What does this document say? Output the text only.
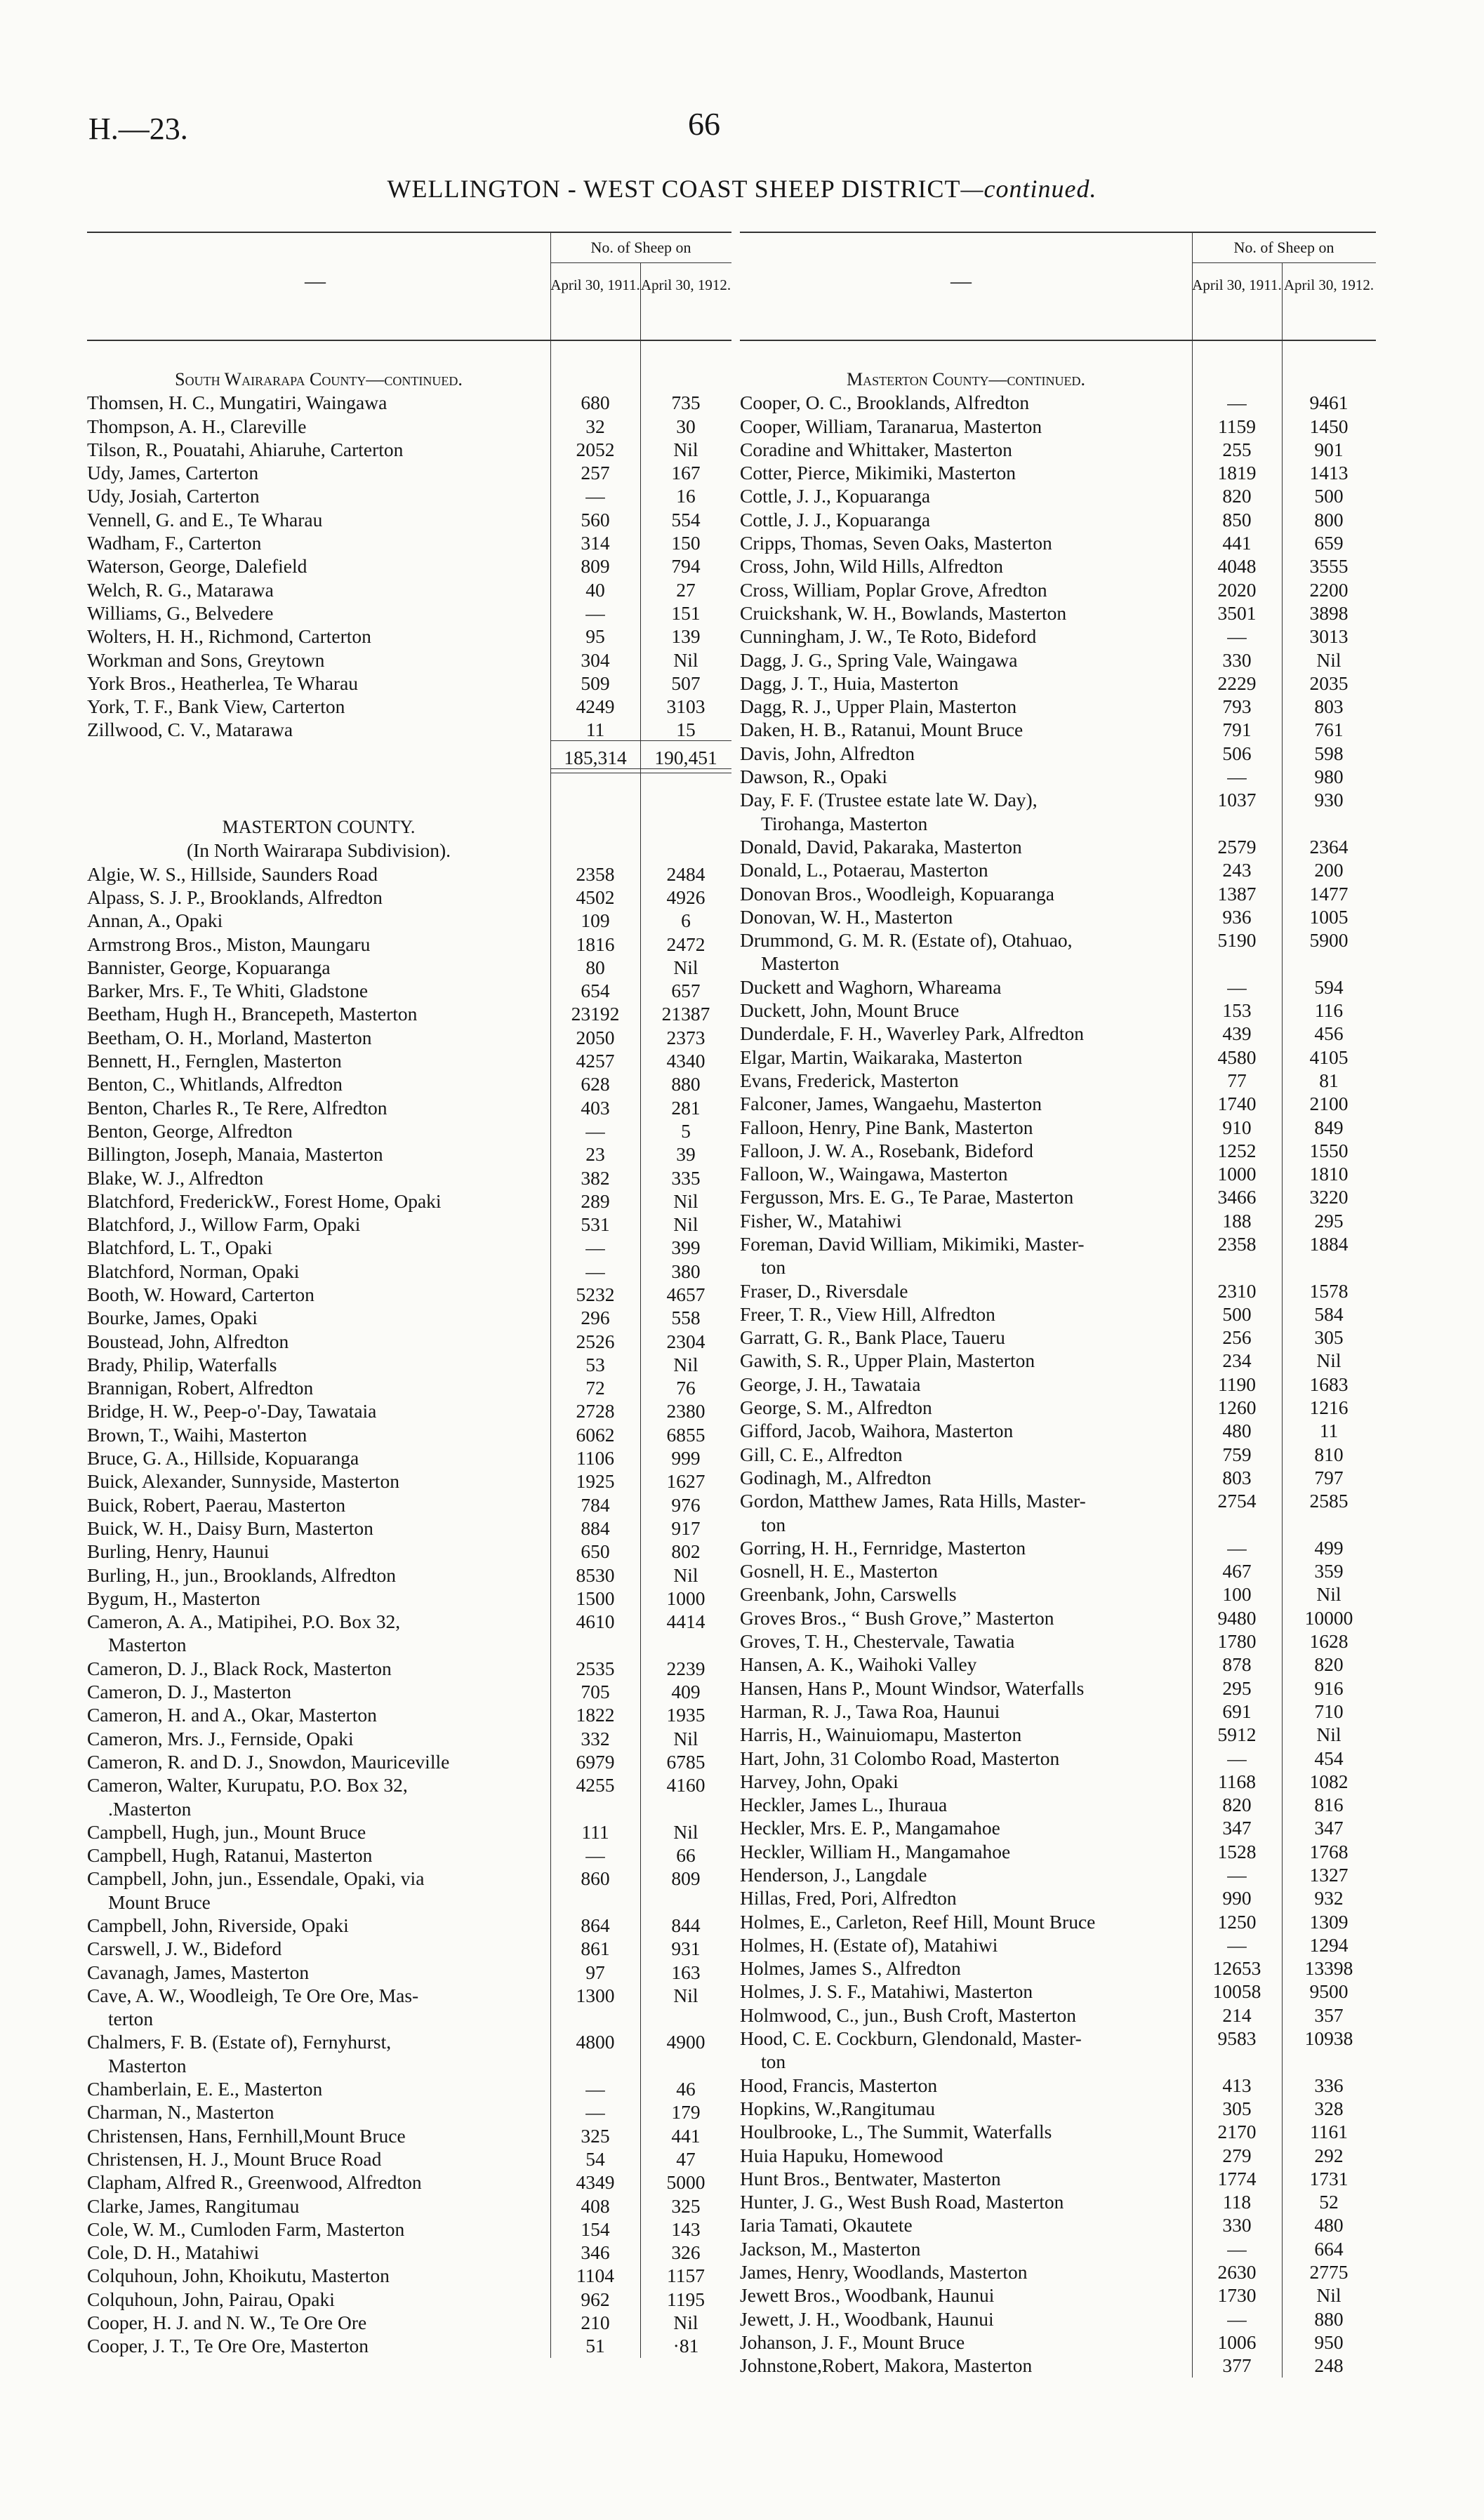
H.—23.	66
WELLINGTON - WEST COAST SHEEP DISTRICT—continued.
—
No. of Sheep on
April 30, 1911. April 30, 1912.
South Wairarapa County—continued.
Thomsen, H. C., Mungatiri, Waingawa	680	735
Thompson, A. H., Clareville	32	30
Tilson, R., Pouatahi, Ahiaruhe, Carterton	2052	Nil
Udy, James, Carterton	257	167
Udy, Josiah, Carterton	—	16
Vennell, G. and E., Te Wharau	560	554
Wadham, F., Carterton	314	150
Waterson, George, Dalefield	809	794
Welch, R. G., Matarawa	40	27
Williams, G., Belvedere	—	151
Wolters, H. H., Richmond, Carterton	95	139
Workman and Sons, Greytown	304	Nil
York Bros., Heatherlea, Te Wharau	509	507
York, T. F., Bank View, Carterton	4249	3103
Zillwood, C. V., Matarawa	11	15
185,314	190,451
MASTERTON COUNTY.
(In North Wairarapa Subdivision).
Algie, W. S., Hillside, Saunders Road	2358	2484
Alpass, S. J. P., Brooklands, Alfredton	4502	4926
Annan, A., Opaki	109	6
Armstrong Bros., Miston, Maungaru	1816	2472
Bannister, George, Kopuaranga	80	Nil
Barker, Mrs. F., Te Whiti, Gladstone	654	657
Beetham, Hugh H., Brancepeth, Masterton	23192	21387
Beetham, O. H., Morland, Masterton	2050	2373
Bennett, H., Fernglen, Masterton	4257	4340
Benton, C., Whitlands, Alfredton	628	880
Benton, Charles R., Te Rere, Alfredton	403	281
Benton, George, Alfredton	—	5
Billington, Joseph, Manaia, Masterton	23	39
Blake, W. J., Alfredton	382	335
Blatchford, FrederickW., Forest Home, Opaki	289	Nil
Blatchford, J., Willow Farm, Opaki	531	Nil
Blatchford, L. T., Opaki	—	399
Blatchford, Norman, Opaki	—	380
Booth, W. Howard, Carterton	5232	4657
Bourke, James, Opaki	296	558
Boustead, John, Alfredton	2526	2304
Brady, Philip, Waterfalls	53	Nil
Brannigan, Robert, Alfredton	72	76
Bridge, H. W., Peep-o'-Day, Tawataia	2728	2380
Brown, T., Waihi, Masterton	6062	6855
Bruce, G. A., Hillside, Kopuaranga	1106	999
Buick, Alexander, Sunnyside, Masterton	1925	1627
Buick, Robert, Paerau, Masterton	784	976
Buick, W. H., Daisy Burn, Masterton	884	917
Burling, Henry, Haunui	650	802
Burling, H., jun., Brooklands, Alfredton	8530	Nil
Bygum, H., Masterton	1500	1000
Cameron, A. A., Matipihei, P.O. Box 32,	4610	4414
Masterton
Cameron, D. J., Black Rock, Masterton	2535	2239
Cameron, D. J., Masterton	705	409
Cameron, H. and A., Okar, Masterton	1822	1935
Cameron, Mrs. J., Fernside, Opaki	332	Nil
Cameron, R. and D. J., Snowdon, Mauriceville	6979	6785
Cameron, Walter, Kurupatu, P.O. Box 32,	4255	4160
.Masterton
Campbell, Hugh, jun., Mount Bruce	111	Nil
Campbell, Hugh, Ratanui, Masterton	—	66
Campbell, John, jun., Essendale, Opaki, via	860	809
Mount Bruce
Campbell, John, Riverside, Opaki	864	844
Carswell, J. W., Bideford	861	931
Cavanagh, James, Masterton	97	163
Cave, A. W., Woodleigh, Te Ore Ore, Mas-	1300	Nil
terton
Chalmers, F. B. (Estate of), Fernyhurst,	4800	4900
Masterton
Chamberlain, E. E., Masterton	—	46
Charman, N., Masterton	—	179
Christensen, Hans, Fernhill,Mount Bruce	325	441
Christensen, H. J., Mount Bruce Road	54	47
Clapham, Alfred R., Greenwood, Alfredton	4349	5000
Clarke, James, Rangitumau	408	325
Cole, W. M., Cumloden Farm, Masterton	154	143
Cole, D. H., Matahiwi	346	326
Colquhoun, John, Khoikutu, Masterton	1104	1157
Colquhoun, John, Pairau, Opaki	962	1195
Cooper, H. J. and N. W., Te Ore Ore	210	Nil
Cooper, J. T., Te Ore Ore, Masterton	51	·81
—
No. of Sheep on
April 30, 1911. April 30, 1912.
Masterton County—continued.
Cooper, O. C., Brooklands, Alfredton	—	9461
Cooper, William, Taranarua, Masterton	1159	1450
Coradine and Whittaker, Masterton	255	901
Cotter, Pierce, Mikimiki, Masterton	1819	1413
Cottle, J. J., Kopuaranga	820	500
Cottle, J. J., Kopuaranga	850	800
Cripps, Thomas, Seven Oaks, Masterton	441	659
Cross, John, Wild Hills, Alfredton	4048	3555
Cross, William, Poplar Grove, Afredton	2020	2200
Cruickshank, W. H., Bowlands, Masterton	3501	3898
Cunningham, J. W., Te Roto, Bideford	—	3013
Dagg, J. G., Spring Vale, Waingawa	330	Nil
Dagg, J. T., Huia, Masterton	2229	2035
Dagg, R. J., Upper Plain, Masterton	793	803
Daken, H. B., Ratanui, Mount Bruce	791	761
Davis, John, Alfredton	506	598
Dawson, R., Opaki	—	980
Day, F. F. (Trustee estate late W. Day),	1037	930
Tirohanga, Masterton
Donald, David, Pakaraka, Masterton	2579	2364
Donald, L., Potaerau, Masterton	243	200
Donovan Bros., Woodleigh, Kopuaranga	1387	1477
Donovan, W. H., Masterton	936	1005
Drummond, G. M. R. (Estate of), Otahuao,	5190	5900
Masterton
Duckett and Waghorn, Whareama	—	594
Duckett, John, Mount Bruce	153	116
Dunderdale, F. H., Waverley Park, Alfredton	439	456
Elgar, Martin, Waikaraka, Masterton	4580	4105
Evans, Frederick, Masterton	77	81
Falconer, James, Wangaehu, Masterton	1740	2100
Falloon, Henry, Pine Bank, Masterton	910	849
Falloon, J. W. A., Rosebank, Bideford	1252	1550
Falloon, W., Waingawa, Masterton	1000	1810
Fergusson, Mrs. E. G., Te Parae, Masterton	3466	3220
Fisher, W., Matahiwi	188	295
Foreman, David William, Mikimiki, Master-	2358	1884
ton
Fraser, D., Riversdale	2310	1578
Freer, T. R., View Hill, Alfredton	500	584
Garratt, G. R., Bank Place, Taueru	256	305
Gawith, S. R., Upper Plain, Masterton	234	Nil
George, J. H., Tawataia	1190	1683
George, S. M., Alfredton	1260	1216
Gifford, Jacob, Waihora, Masterton	480	11
Gill, C. E., Alfredton	759	810
Godinagh, M., Alfredton	803	797
Gordon, Matthew James, Rata Hills, Master-	2754	2585
ton
Gorring, H. H., Fernridge, Masterton	—	499
Gosnell, H. E., Masterton	467	359
Greenbank, John, Carswells	100	Nil
Groves Bros., “ Bush Grove,” Masterton	9480	10000
Groves, T. H., Chestervale, Tawatia	1780	1628
Hansen, A. K., Waihoki Valley	878	820
Hansen, Hans P., Mount Windsor, Waterfalls	295	916
Harman, R. J., Tawa Roa, Haunui	691	710
Harris, H., Wainuiomapu, Masterton	5912	Nil
Hart, John, 31 Colombo Road, Masterton	—	454
Harvey, John, Opaki	1168	1082
Heckler, James L., Ihuraua	820	816
Heckler, Mrs. E. P., Mangamahoe	347	347
Heckler, William H., Mangamahoe	1528	1768
Henderson, J., Langdale	—	1327
Hillas, Fred, Pori, Alfredton	990	932
Holmes, E., Carleton, Reef Hill, Mount Bruce	1250	1309
Holmes, H. (Estate of), Matahiwi	—	1294
Holmes, James S., Alfredton	12653	13398
Holmes, J. S. F., Matahiwi, Masterton	10058	9500
Holmwood, C., jun., Bush Croft, Masterton	214	357
Hood, C. E. Cockburn, Glendonald, Master-	9583	10938
ton
Hood, Francis, Masterton	413	336
Hopkins, W.,Rangitumau	305	328
Houlbrooke, L., The Summit, Waterfalls	2170	1161
Huia Hapuku, Homewood	279	292
Hunt Bros., Bentwater, Masterton	1774	1731
Hunter, J. G., West Bush Road, Masterton	118	52
Iaria Tamati, Okautete	330	480
Jackson, M., Masterton	—	664
James, Henry, Woodlands, Masterton	2630	2775
Jewett Bros., Woodbank, Haunui	1730	Nil
Jewett, J. H., Woodbank, Haunui	—	880
Johanson, J. F., Mount Bruce	1006	950
Johnstone,Robert, Makora, Masterton	377	248
